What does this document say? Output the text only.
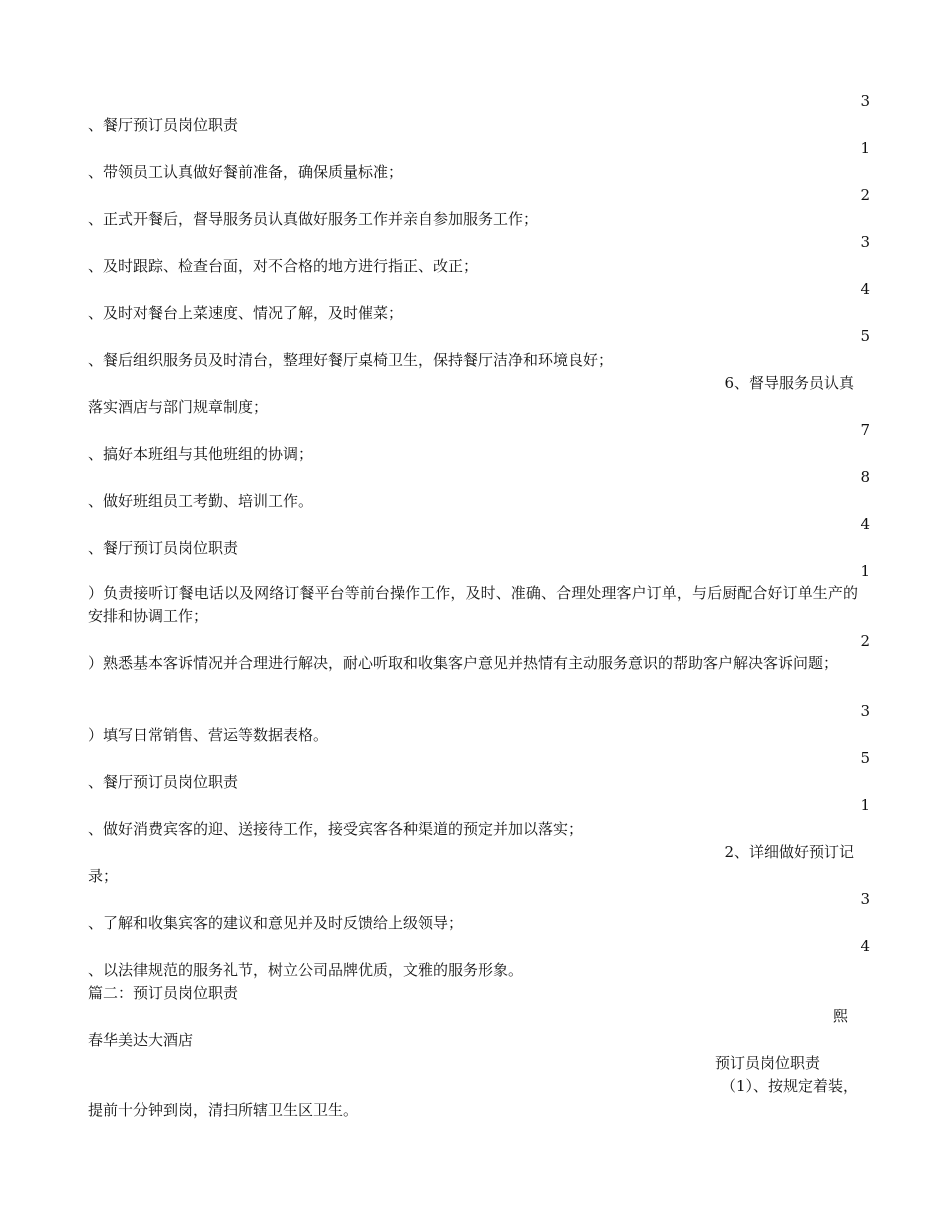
3
、餐厅预订员岗位职责
1
、带领员工认真做好餐前准备，确保质量标准；
2
、正式开餐后，督导服务员认真做好服务工作并亲自参加服务工作；
3
、及时跟踪、检查台面，对不合格的地方进行指正、改正；
4
、及时对餐台上菜速度、情况了解，及时催菜；
5
、餐后组织服务员及时清台，整理好餐厅桌椅卫生，保持餐厅洁净和环境良好；
6、督导服务员认真
落实酒店与部门规章制度；
7
、搞好本班组与其他班组的协调；
8
、做好班组员工考勤、培训工作。
4
、餐厅预订员岗位职责
1
）负责接听订餐电话以及网络订餐平台等前台操作工作，及时、准确、合理处理客户订单，与后厨配合好订单生产的安排和协调工作；
2
）熟悉基本客诉情况并合理进行解决，耐心听取和收集客户意见并热情有主动服务意识的帮助客户解决客诉问题；
3
）填写日常销售、营运等数据表格。
5
、餐厅预订员岗位职责
1
、做好消费宾客的迎、送接待工作，接受宾客各种渠道的预定并加以落实；
2、详细做好预订记
录；
3
、了解和收集宾客的建议和意见并及时反馈给上级领导；
4
、以法律规范的服务礼节，树立公司品牌优质，文雅的服务形象。
篇二：预订员岗位职责
熙
春华美达大酒店
预订员岗位职责
（1）、按规定着装，
提前十分钟到岗，清扫所辖卫生区卫生。
